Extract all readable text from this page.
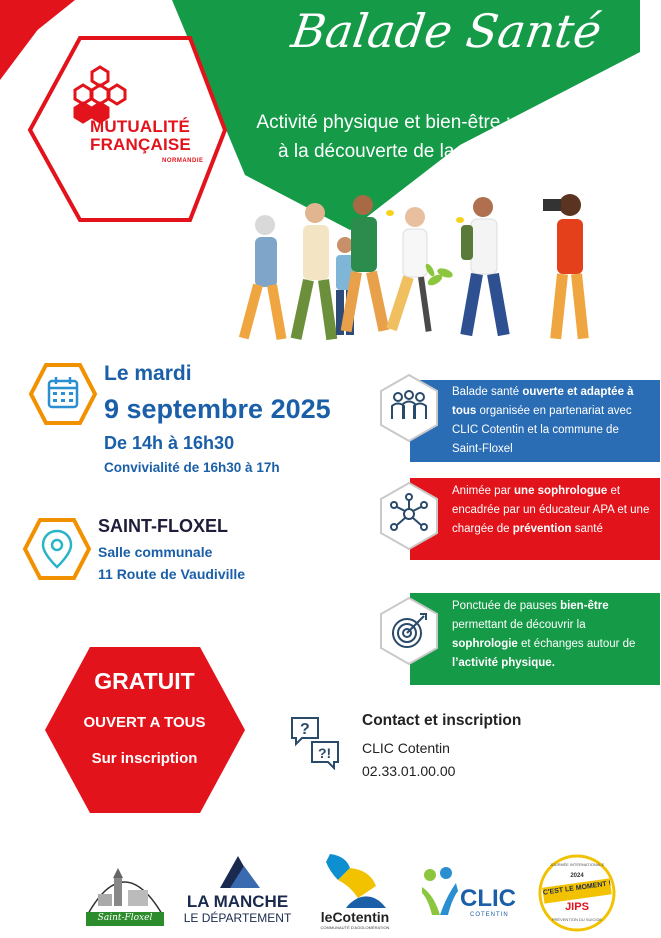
MUTUALITÉ
FRANÇAISE
NORMANDIE
Balade Santé
Activité physique et bien-être : marche
à la découverte de la sophrologie
Le mardi
9 septembre 2025
De 14h à 16h30
Convivialité de 16h30 à 17h
SAINT-FLOXEL
Salle communale
11 Route de Vaudiville
Balade santé ouverte et adaptée à tous organisée en partenariat avec CLIC Cotentin et la commune de Saint-Floxel
Animée par une sophrologue et encadrée par un éducateur APA et une chargée de prévention santé
Ponctuée de pauses bien-être permettant de découvrir la sophrologie et échanges autour de l’activité physique.
GRATUIT
OUVERT A TOUS
Sur inscription
?
?!
Contact et inscription
CLIC Cotentin
02.33.01.00.00
Saint-Floxel
LA MANCHE
LE DÉPARTEMENT	leCotentin
COMMUNAUTÉ D'AGGLOMÉRATION
CLIC
COTENTIN
JOURNÉE INTERNATIONALE
2024
C'EST LE MOMENT !
JIPS
PRÉVENTION DU SUICIDE
